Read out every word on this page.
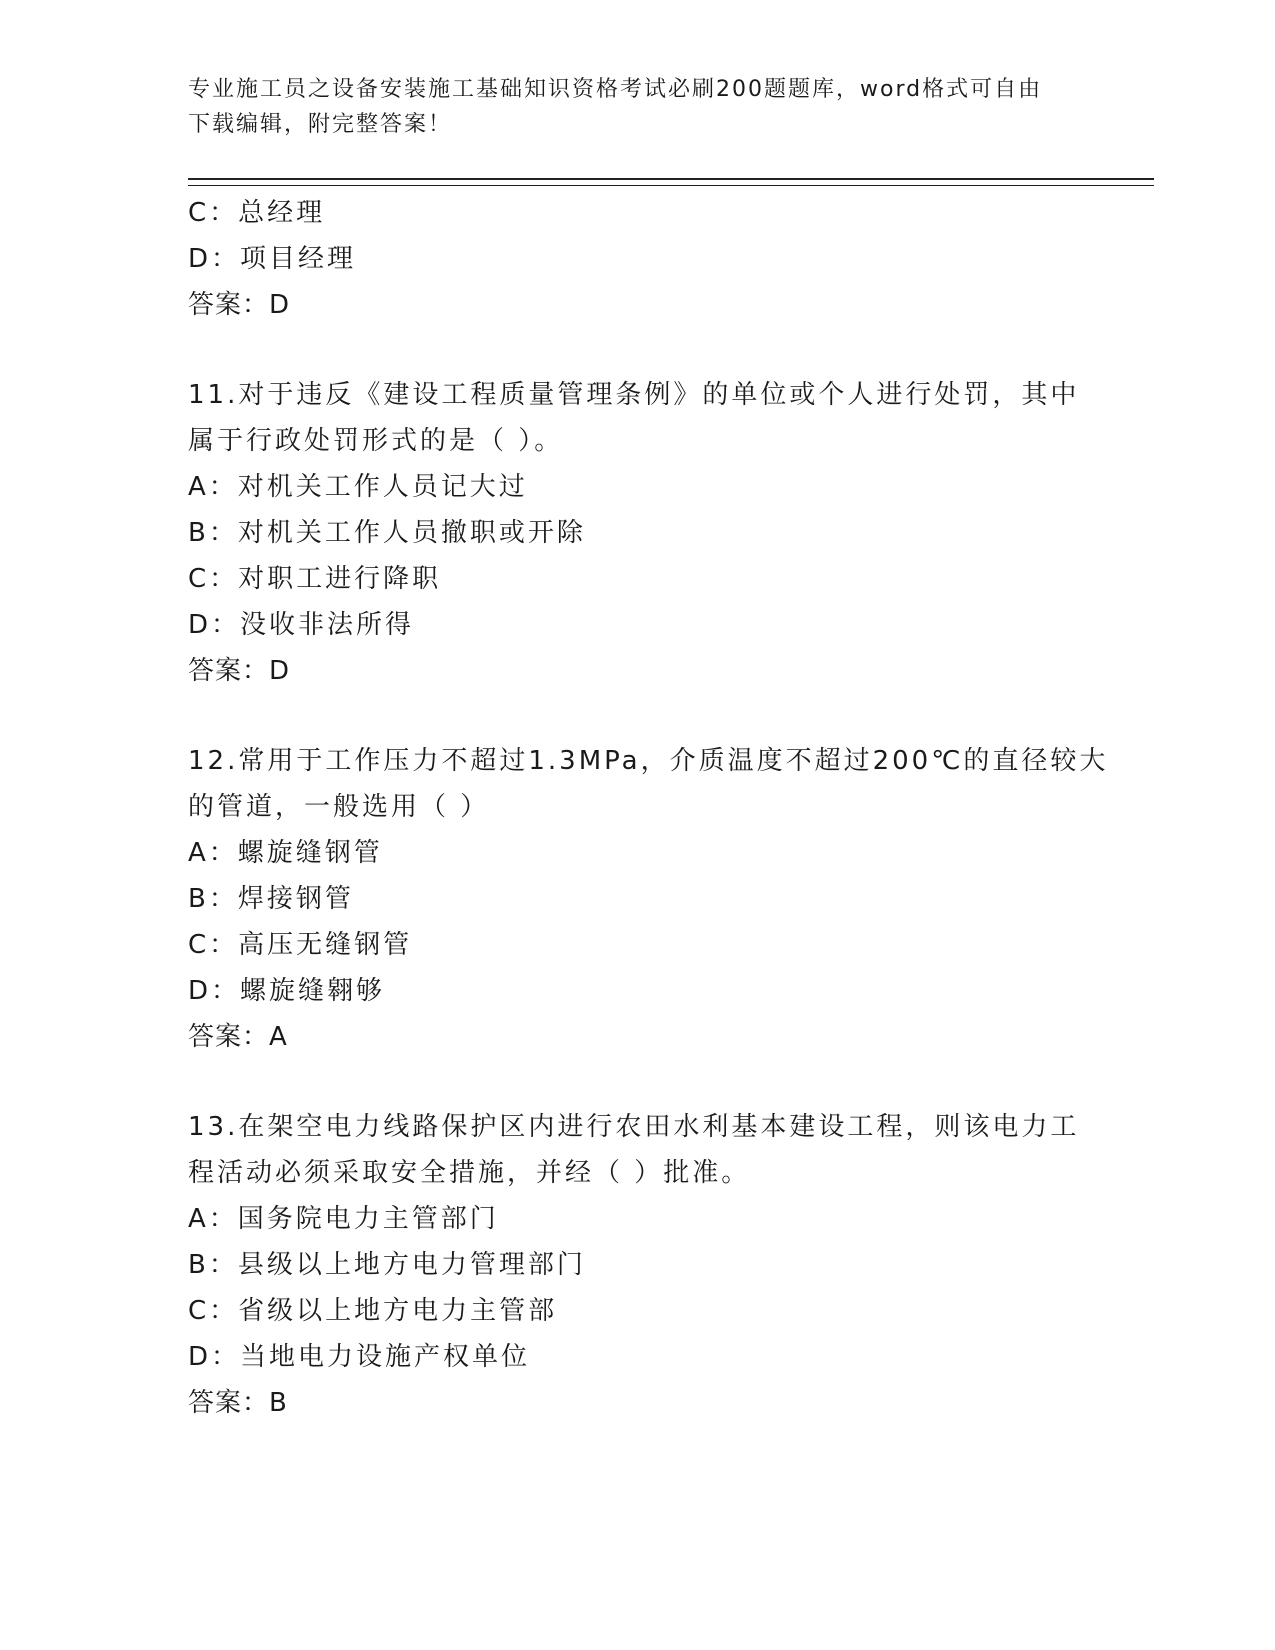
专业施工员之设备安装施工基础知识资格考试必刷200题题库，word格式可自由
下载编辑，附完整答案！
C：总经理
D：项目经理
答案：D
11.对于违反《建设工程质量管理条例》的单位或个人进行处罚，其中
属于行政处罚形式的是（ ）。
A：对机关工作人员记大过
B：对机关工作人员撤职或开除
C：对职工进行降职
D：没收非法所得
答案：D
12.常用于工作压力不超过1.3MPa，介质温度不超过200℃的直径较大
的管道，一般选用（ ）
A：螺旋缝钢管
B：焊接钢管
C：高压无缝钢管
D：螺旋缝翱够
答案：A
13.在架空电力线路保护区内进行农田水利基本建设工程，则该电力工
程活动必须采取安全措施，并经（ ）批准。
A：国务院电力主管部门
B：县级以上地方电力管理部门
C：省级以上地方电力主管部
D：当地电力设施产权单位
答案：B
